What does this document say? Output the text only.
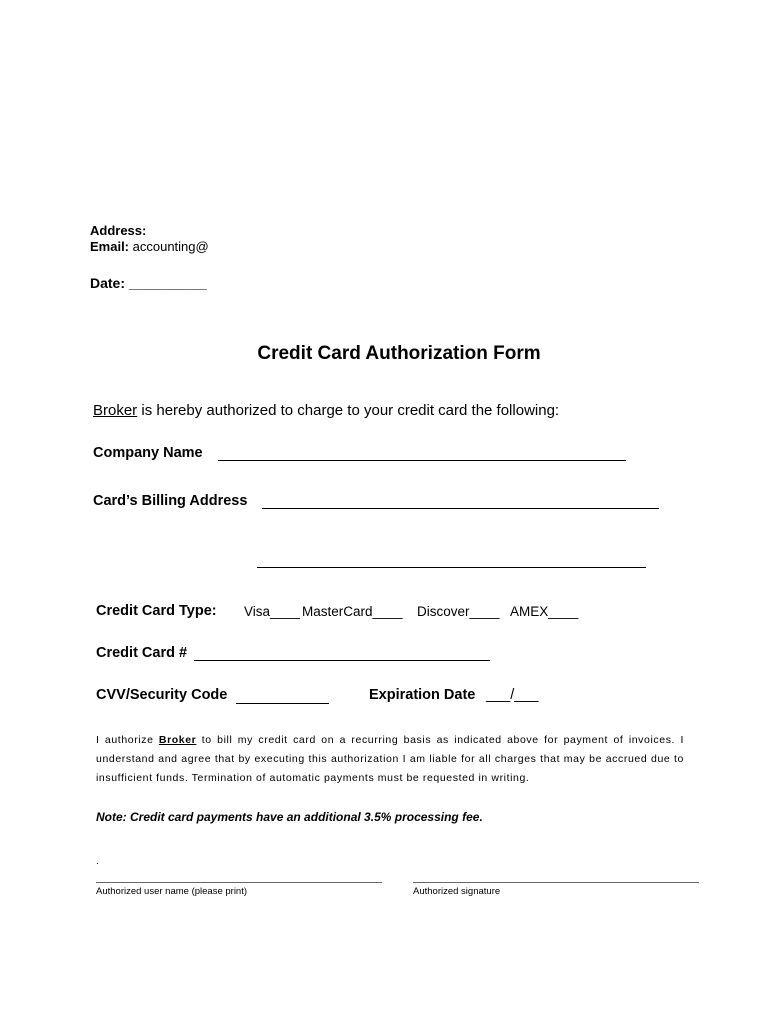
Address:
Email: accounting@
Date: __________
Credit Card Authorization Form
Broker is hereby authorized to charge to your credit card the following:
Company Name
Card’s Billing Address
Credit Card Type: Visa____ MasterCard____ Discover____ AMEX____
Credit Card #
CVV/Security Code	Expiration Date ___/___
I authorize Broker to bill my credit card on a recurring basis as indicated above for payment of invoices. I understand and agree that by executing this authorization I am liable for all charges that may be accrued due to insufficient funds. Termination of automatic payments must be requested in writing.
Note: Credit card payments have an additional 3.5% processing fee.
.
Authorized user name (please print)	Authorized signature
